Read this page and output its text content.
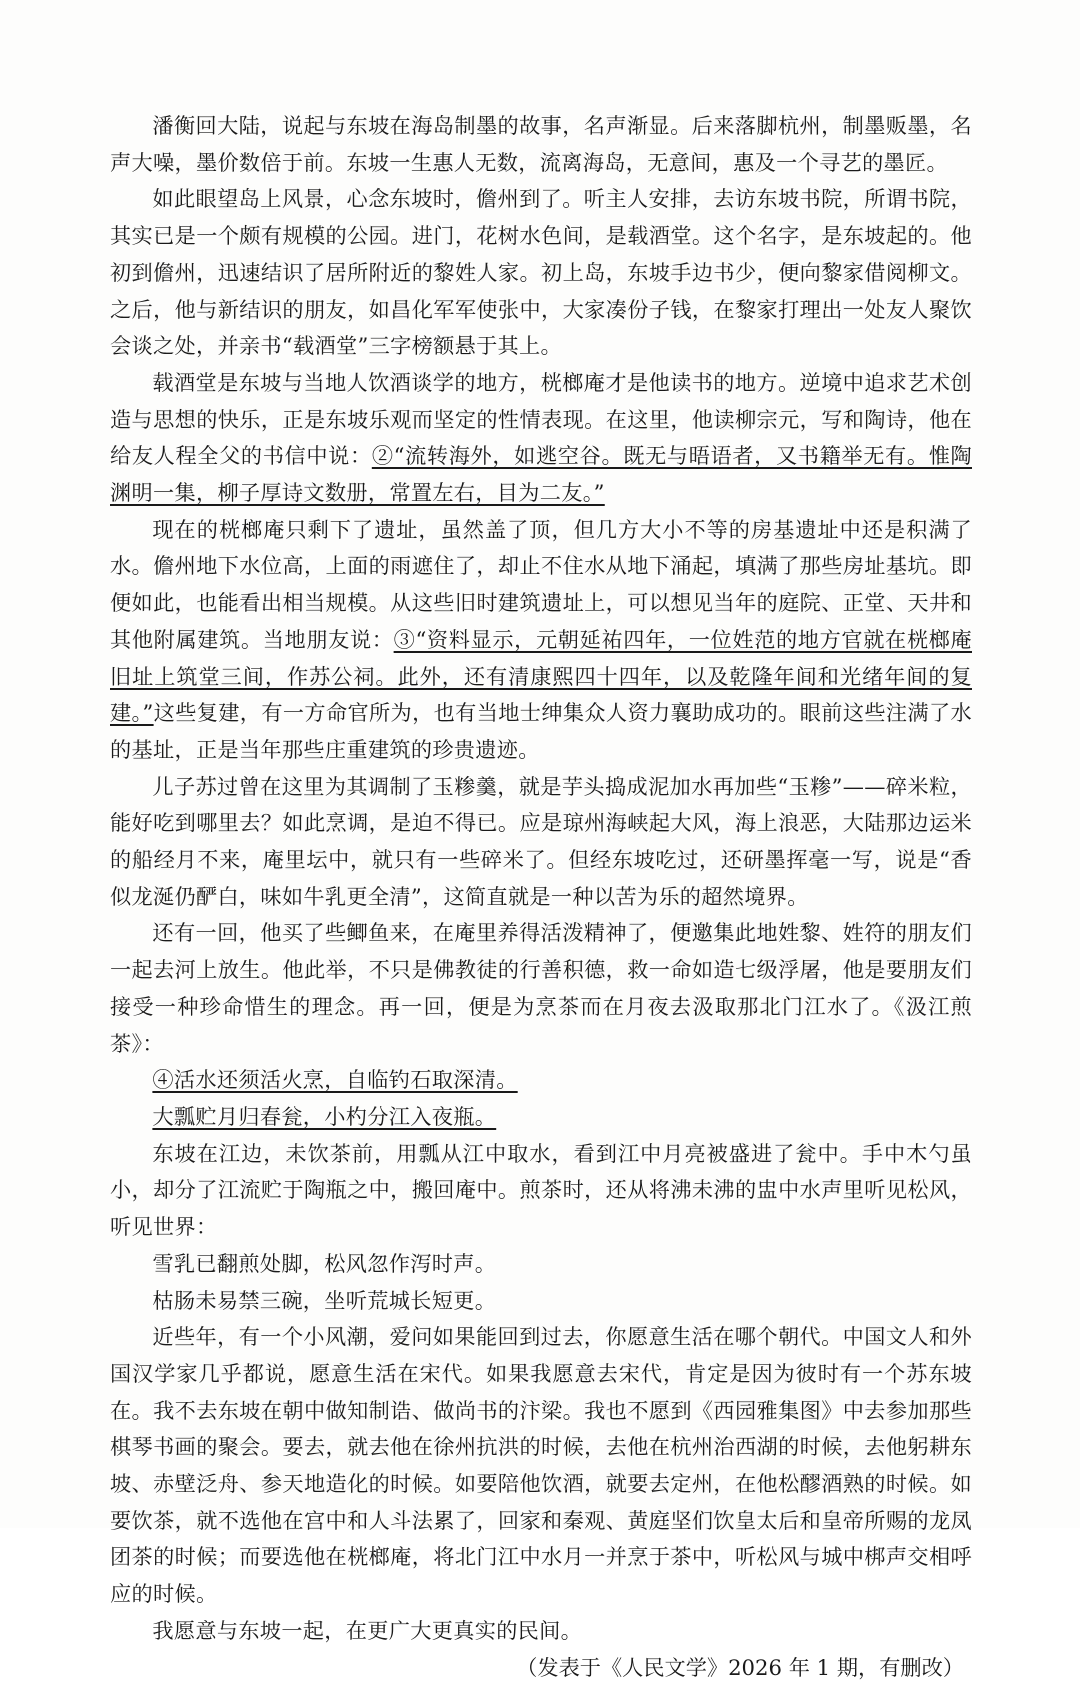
潘衡回大陆，说起与东坡在海岛制墨的故事，名声渐显。后来落脚杭州，制墨贩墨，名声大噪，墨价数倍于前。东坡一生惠人无数，流离海岛，无意间，惠及一个寻艺的墨匠。

如此眼望岛上风景，心念东坡时，儋州到了。听主人安排，去访东坡书院，所谓书院，其实已是一个颇有规模的公园。进门，花树水色间，是载酒堂。这个名字，是东坡起的。他初到儋州，迅速结识了居所附近的黎姓人家。初上岛，东坡手边书少，便向黎家借阅柳文。之后，他与新结识的朋友，如昌化军军使张中，大家凑份子钱，在黎家打理出一处友人聚饮会谈之处，并亲书“载酒堂”三字榜额悬于其上。

载酒堂是东坡与当地人饮酒谈学的地方，桄榔庵才是他读书的地方。逆境中追求艺术创造与思想的快乐，正是东坡乐观而坚定的性情表现。在这里，他读柳宗元，写和陶诗，他在给友人程全父的书信中说：②“流转海外，如逃空谷。既无与晤语者，又书籍举无有。惟陶渊明一集，柳子厚诗文数册，常置左右，目为二友。”

现在的桄榔庵只剩下了遗址，虽然盖了顶，但几方大小不等的房基遗址中还是积满了水。儋州地下水位高，上面的雨遮住了，却止不住水从地下涌起，填满了那些房址基坑。即便如此，也能看出相当规模。从这些旧时建筑遗址上，可以想见当年的庭院、正堂、天井和其他附属建筑。当地朋友说：③“资料显示，元朝延祐四年，一位姓范的地方官就在桄榔庵旧址上筑堂三间，作苏公祠。此外，还有清康熙四十四年，以及乾隆年间和光绪年间的复建。”这些复建，有一方命官所为，也有当地士绅集众人资力襄助成功的。眼前这些注满了水的基址，正是当年那些庄重建筑的珍贵遗迹。

儿子苏过曾在这里为其调制了玉糁羹，就是芋头捣成泥加水再加些“玉糁”——碎米粒，能好吃到哪里去？如此烹调，是迫不得已。应是琼州海峡起大风，海上浪恶，大陆那边运米的船经月不来，庵里坛中，就只有一些碎米了。但经东坡吃过，还研墨挥毫一写，说是“香似龙涎仍酽白，味如牛乳更全清”，这简直就是一种以苦为乐的超然境界。

还有一回，他买了些鲫鱼来，在庵里养得活泼精神了，便邀集此地姓黎、姓符的朋友们一起去河上放生。他此举，不只是佛教徒的行善积德，救一命如造七级浮屠，他是要朋友们接受一种珍命惜生的理念。再一回，便是为烹茶而在月夜去汲取那北门江水了。《汲江煎茶》：

④活水还须活火烹，自临钓石取深清。

大瓢贮月归春瓮，小杓分江入夜瓶。

东坡在江边，未饮茶前，用瓢从江中取水，看到江中月亮被盛进了瓮中。手中木勺虽小，却分了江流贮于陶瓶之中，搬回庵中。煎茶时，还从将沸未沸的盅中水声里听见松风，听见世界：

雪乳已翻煎处脚，松风忽作泻时声。

枯肠未易禁三碗，坐听荒城长短更。

近些年，有一个小风潮，爱问如果能回到过去，你愿意生活在哪个朝代。中国文人和外国汉学家几乎都说，愿意生活在宋代。如果我愿意去宋代，肯定是因为彼时有一个苏东坡在。我不去东坡在朝中做知制诰、做尚书的汴梁。我也不愿到《西园雅集图》中去参加那些棋琴书画的聚会。要去，就去他在徐州抗洪的时候，去他在杭州治西湖的时候，去他躬耕东坡、赤壁泛舟、参天地造化的时候。如要陪他饮酒，就要去定州，在他松醪酒熟的时候。如要饮茶，就不选他在宫中和人斗法累了，回家和秦观、黄庭坚们饮皇太后和皇帝所赐的龙凤团茶的时候；而要选他在桄榔庵，将北门江中水月一并烹于茶中，听松风与城中梆声交相呼应的时候。

我愿意与东坡一起，在更广大更真实的民间。

（发表于《人民文学》2026 年 1 期，有删改）
